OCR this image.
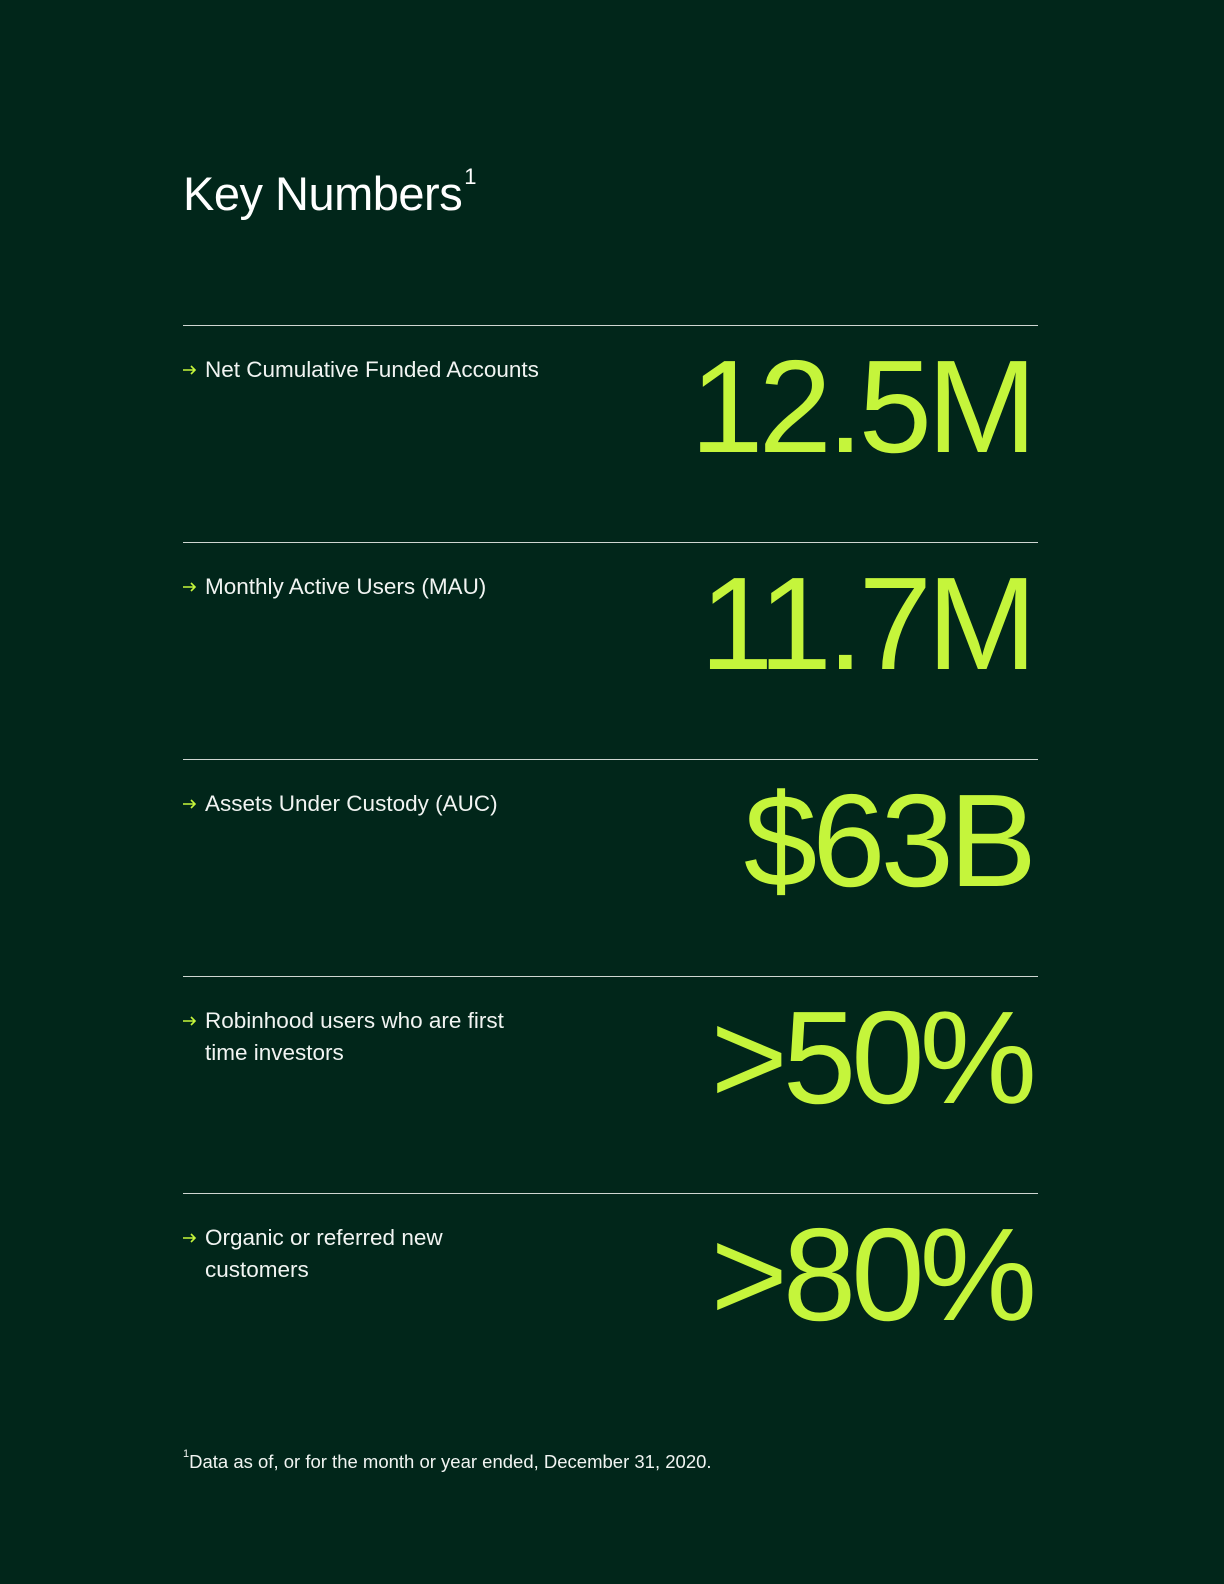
Key Numbers$^1$
Net Cumulative Funded Accounts 12.5M
Monthly Active Users (MAU) 11.7M
Assets Under Custody (AUC) $63B
Robinhood users who are first time investors	>50%
Organic or referred new customers	>80%
$^1$Data as of, or for the month or year ended, December 31, 2020.
